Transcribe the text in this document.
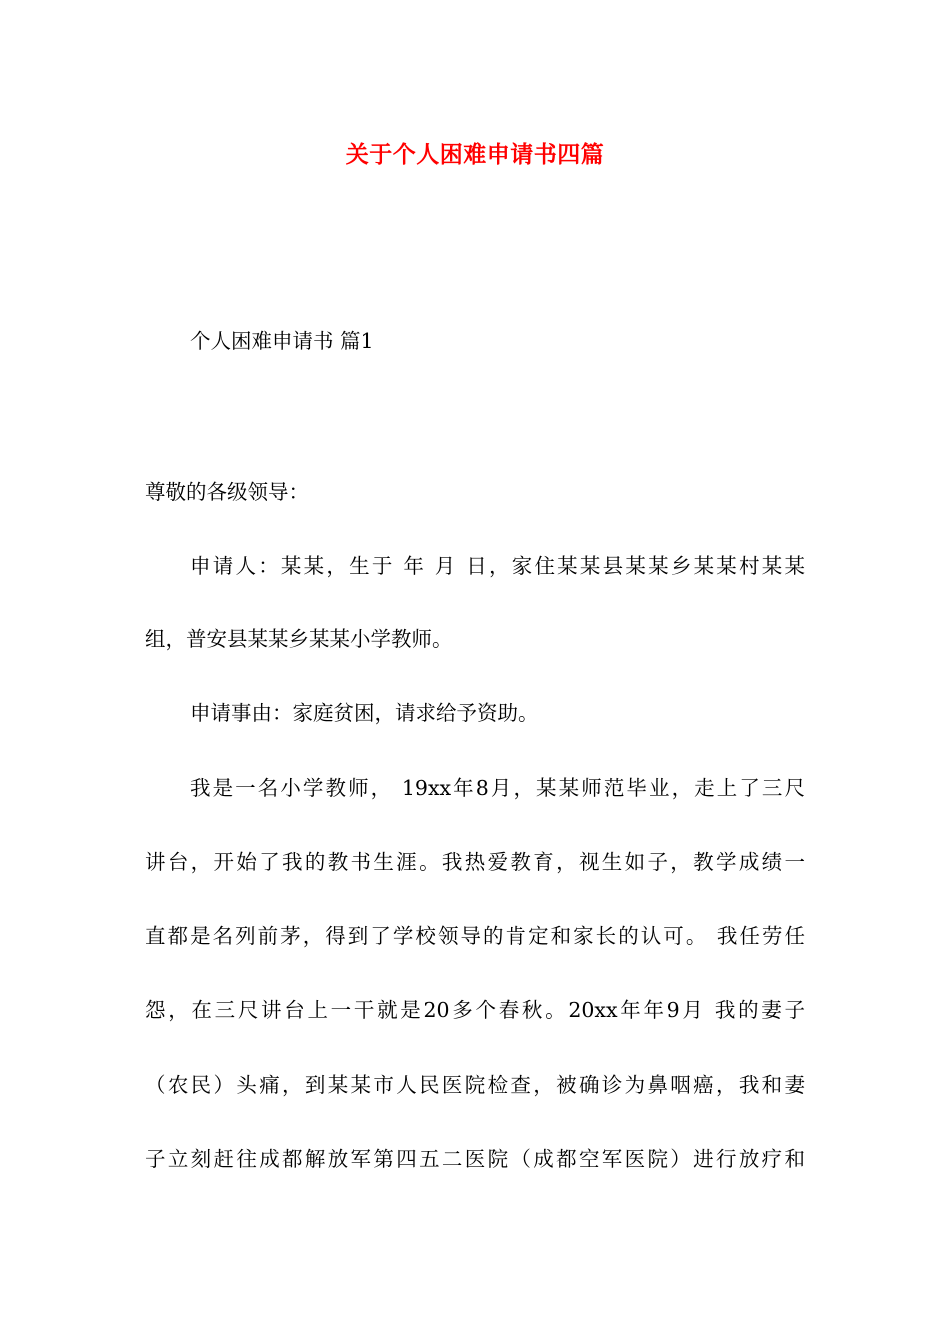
关于个人困难申请书四篇
个人困难申请书 篇1
尊敬的各级领导：
申请人：某某，生于 年 月 日，家住某某县某某乡某某村某某
组，普安县某某乡某某小学教师。
申请事由：家庭贫困，请求给予资助。
我是一名小学教师， 19xx年8月，某某师范毕业，走上了三尺
讲台，开始了我的教书生涯。我热爱教育，视生如子，教学成绩一
直都是名列前茅，得到了学校领导的肯定和家长的认可。 我任劳任
怨，在三尺讲台上一干就是20多个春秋。20xx年年9月 我的妻子
（农民）头痛，到某某市人民医院检查，被确诊为鼻咽癌，我和妻
子立刻赶往成都解放军第四五二医院（成都空军医院）进行放疗和
